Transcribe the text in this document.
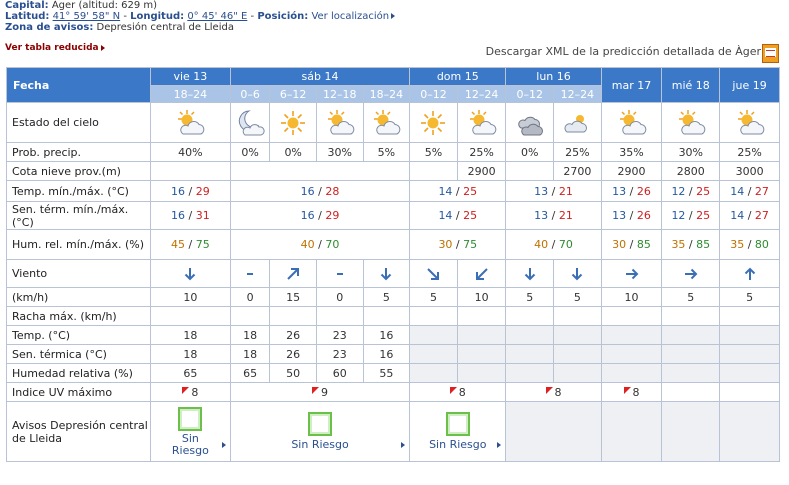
Capital: Àger (altitud: 629 m)
Latitud: 41° 59' 58" N - Longitud: 0° 45' 46" E - Posición: Ver localización
Zona de avisos: Depresión central de Lleida
Ver tabla reducida	Descargar XML de la predicción detallada de Àger
Fecha	vie 13	sáb 14				dom 15		lun 16		mar 17	mié 18	jue 19
	18–24	0–6	6–12	12–18	18–24	0–12	12–24	0–12	12–24			
Estado del cielo	

Prob. precip.	40%	0%	0%	30%	5%	5%	25%	0%	25%	35%	30%	25%
Cota nieve prov.(m)							2900		2700	2900	2800	3000
Temp. mín./máx. (°C)	16 / 29	16 / 28				14 / 25		13 / 21		13 / 26	12 / 25	14 / 27
Sen. térm. mín./máx. (°C)	16 / 31	16 / 29				14 / 25		13 / 21		13 / 26	12 / 25	14 / 27
Hum. rel. mín./máx. (%)	45 / 75	40 / 70				30 / 75		40 / 70		30 / 85	35 / 85	35 / 80
Viento	

(km/h)	10	0	15	0	5	5	10	5	5	10	5	5
Racha máx. (km/h)												
Temp. (°C)	18	18	26	23	16							
Sen. térmica (°C)	18	18	26	23	16							
Humedad relativa (%)	65	65	50	60	55							
Indice UV máximo	8	9				8		8		8		
Avisos Depresión central de Lleida	Sin Riesgo	Sin Riesgo				Sin Riesgo						
